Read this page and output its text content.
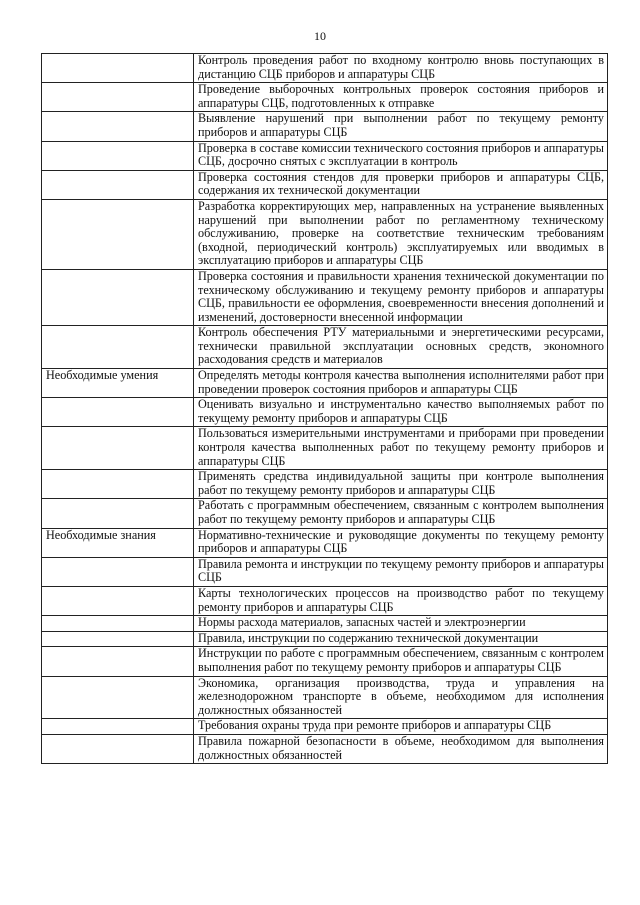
10
	Контроль проведения работ по входному контролю вновь поступающих в дистанцию СЦБ приборов и аппаратуры СЦБ
	Проведение выборочных контрольных проверок состояния приборов и аппаратуры СЦБ, подготовленных к отправке
	Выявление нарушений при выполнении работ по текущему ремонту приборов и аппаратуры СЦБ
	Проверка в составе комиссии технического состояния приборов и аппаратуры СЦБ, досрочно снятых с эксплуатации в контроль
	Проверка состояния стендов для проверки приборов и аппаратуры СЦБ, содержания их технической документации
	Разработка корректирующих мер, направленных на устранение выявленных нарушений при выполнении работ по регламентному техническому обслуживанию, проверке на соответствие техническим требованиям (входной, периодический контроль) эксплуатируемых или вводимых в эксплуатацию приборов и аппаратуры СЦБ
	Проверка состояния и правильности хранения технической документации по техническому обслуживанию и текущему ремонту приборов и аппаратуры СЦБ, правильности ее оформления, своевременности внесения дополнений и изменений, достоверности внесенной информации
	Контроль обеспечения РТУ материальными и энергетическими ресурсами, технически правильной эксплуатации основных средств, экономного расходования средств и материалов
Необходимые умения	Определять методы контроля качества выполнения исполнителями работ при проведении проверок состояния приборов и аппаратуры СЦБ
	Оценивать визуально и инструментально качество выполняемых работ по текущему ремонту приборов и аппаратуры СЦБ
	Пользоваться измерительными инструментами и приборами при проведении контроля качества выполненных работ по текущему ремонту приборов и аппаратуры СЦБ
	Применять средства индивидуальной защиты при контроле выполнения работ по текущему ремонту приборов и аппаратуры СЦБ
	Работать с программным обеспечением, связанным с контролем выполнения работ по текущему ремонту приборов и аппаратуры СЦБ
Необходимые знания	Нормативно-технические и руководящие документы по текущему ремонту приборов и аппаратуры СЦБ
	Правила ремонта и инструкции по текущему ремонту приборов и аппаратуры СЦБ
	Карты технологических процессов на производство работ по текущему ремонту приборов и аппаратуры СЦБ
	Нормы расхода материалов, запасных частей и электроэнергии
	Правила, инструкции по содержанию технической документации
	Инструкции по работе с программным обеспечением, связанным с контролем выполнения работ по текущему ремонту приборов и аппаратуры СЦБ
	Экономика, организация производства, труда и управления на железнодорожном транспорте в объеме, необходимом для исполнения должностных обязанностей
	Требования охраны труда при ремонте приборов и аппаратуры СЦБ
	Правила пожарной безопасности в объеме, необходимом для выполнения должностных обязанностей
